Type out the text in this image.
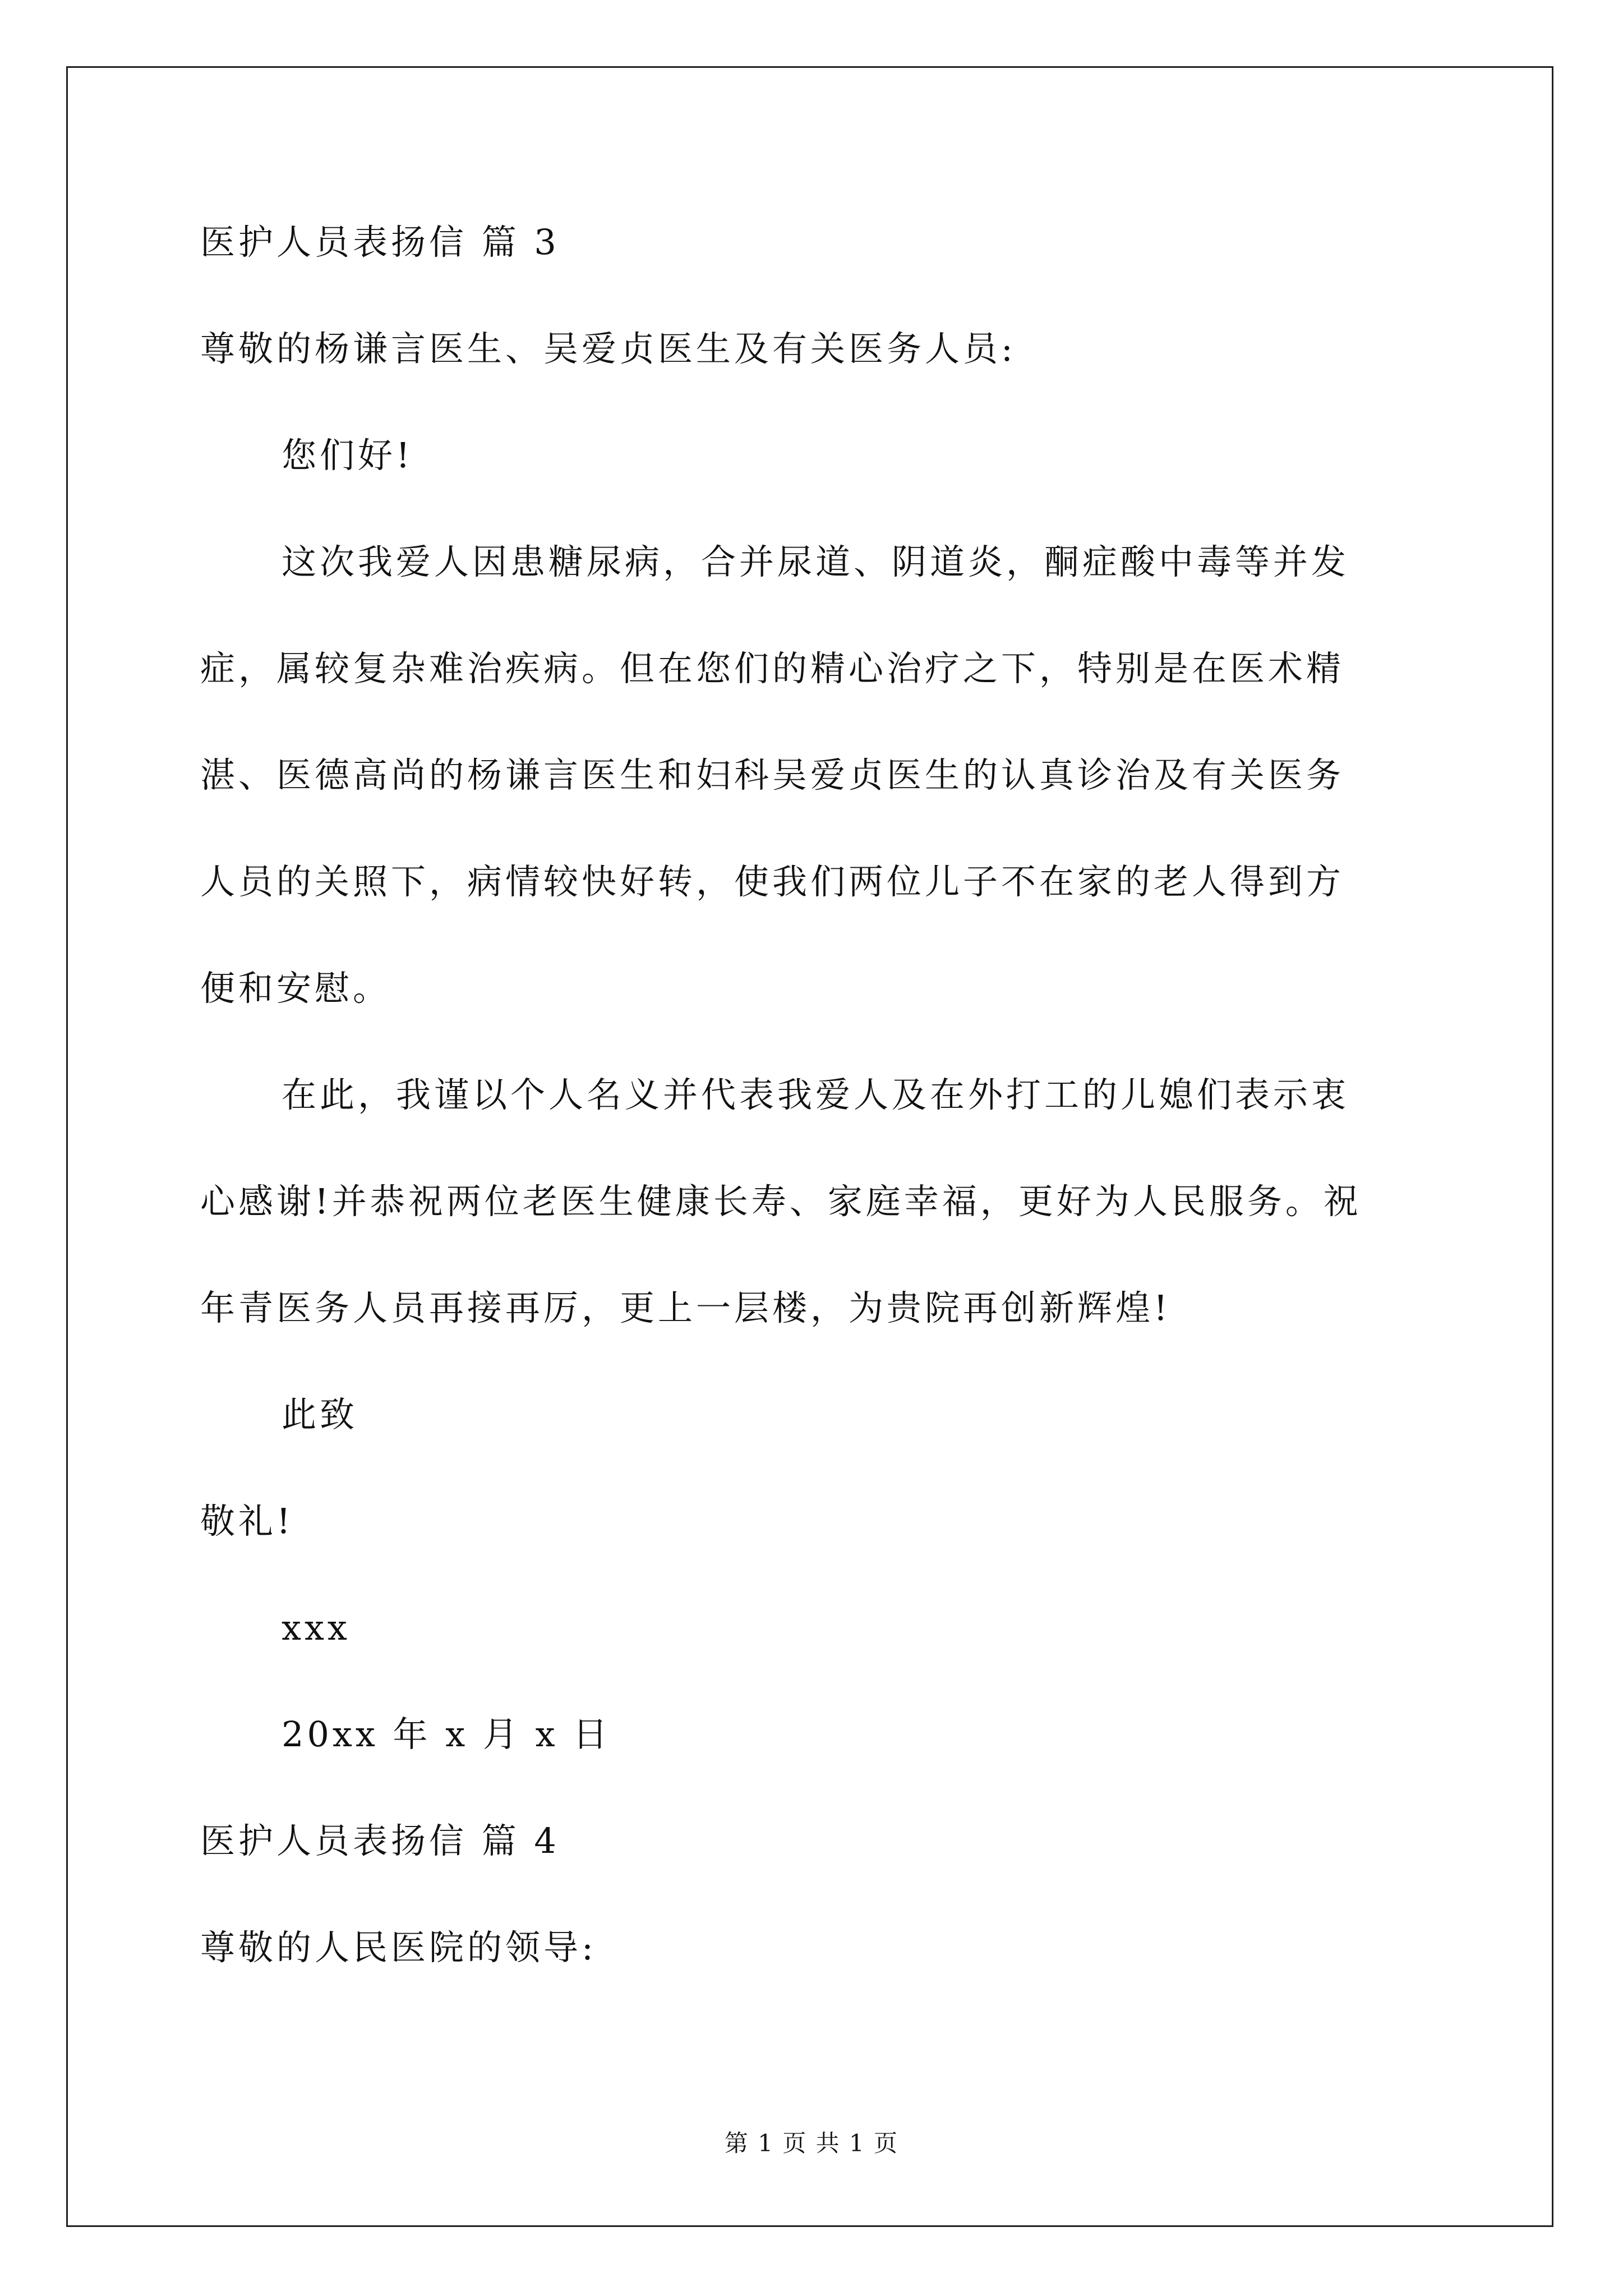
医护人员表扬信 篇 3
尊敬的杨谦言医生、吴爱贞医生及有关医务人员:
您们好!
这次我爱人因患糖尿病，合并尿道、阴道炎，酮症酸中毒等并发
症，属较复杂难治疾病。但在您们的精心治疗之下，特别是在医术精
湛、医德高尚的杨谦言医生和妇科吴爱贞医生的认真诊治及有关医务
人员的关照下，病情较快好转，使我们两位儿子不在家的老人得到方
便和安慰。
在此，我谨以个人名义并代表我爱人及在外打工的儿媳们表示衷
心感谢!并恭祝两位老医生健康长寿、家庭幸福，更好为人民服务。祝
年青医务人员再接再厉，更上一层楼，为贵院再创新辉煌!
此致
敬礼!
xxx
20xx 年 x 月 x 日
医护人员表扬信 篇 4
尊敬的人民医院的领导:
第 1 页 共 1 页
